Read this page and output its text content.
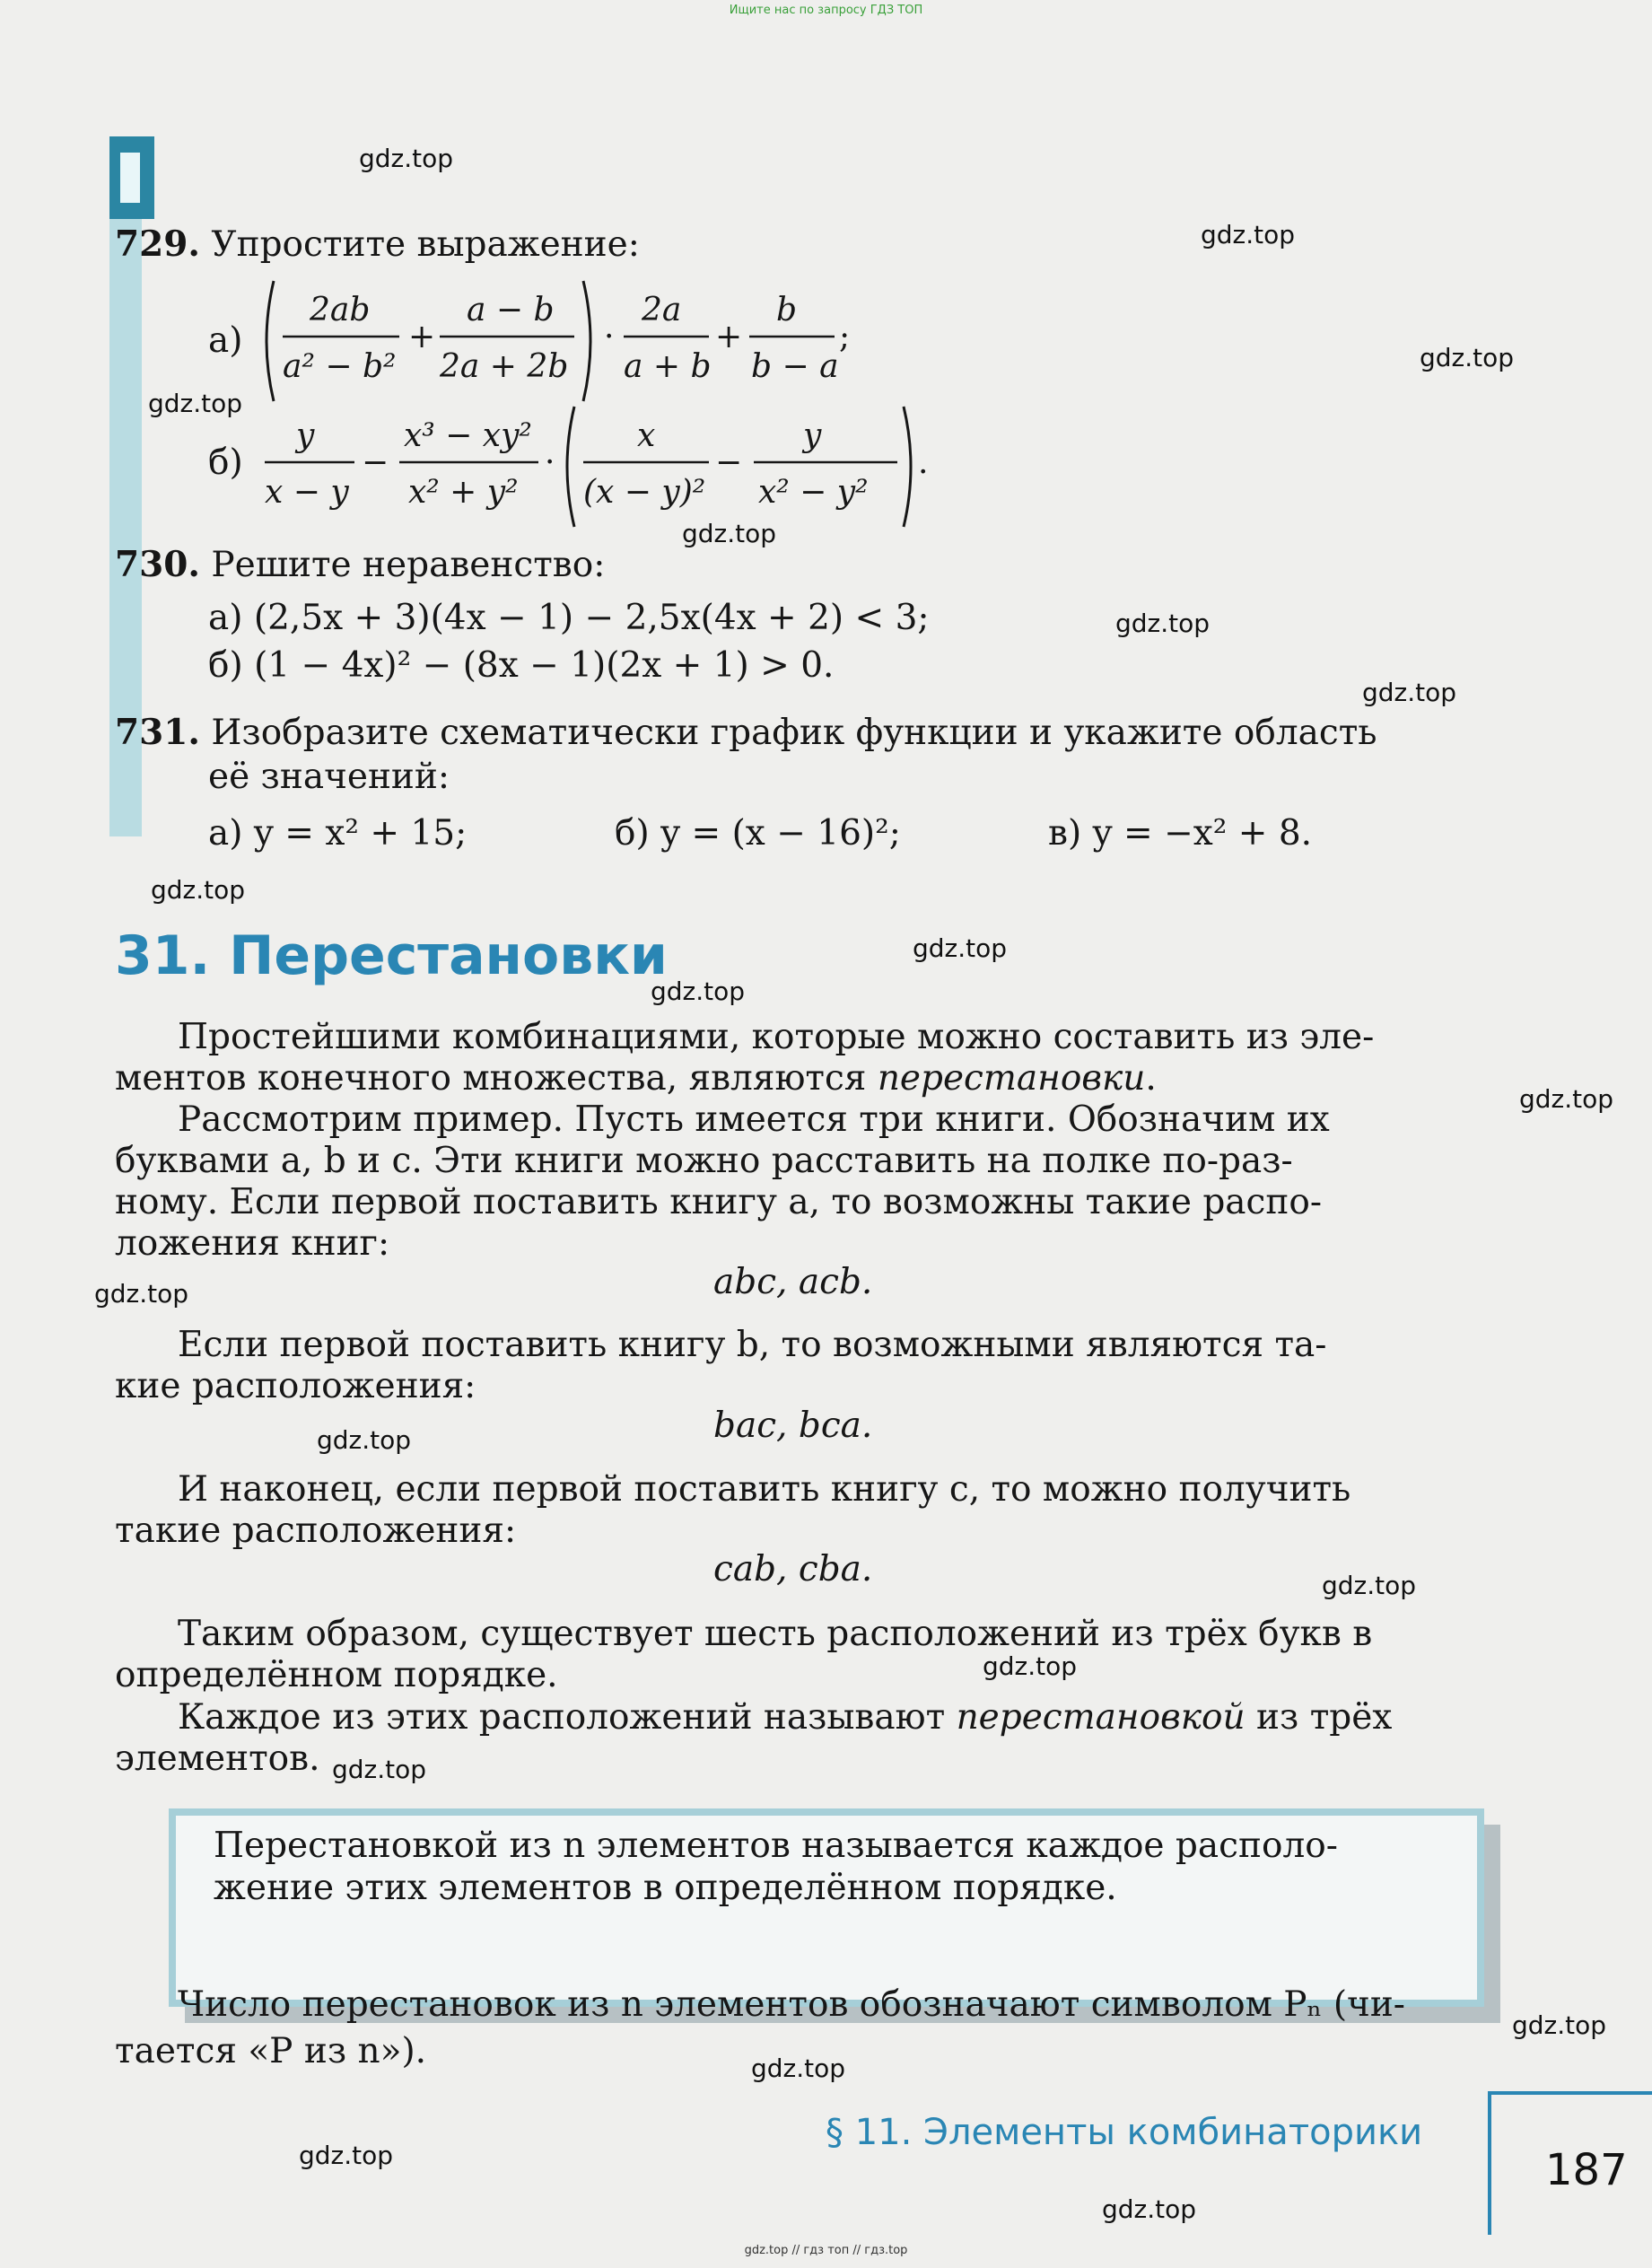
Ищите нас по запросу ГДЗ ТОП
729. Упростите выражение:
а)
2ab
a² − b²
+
a − b
2a + 2b
·
2a
a + b
+
b
b − a
;
б)
y
x − y
−
x³ − xy²
x² + y²
·
x
(x − y)²
−
y
x² − y²
.
730. Решите неравенство:
а) (2,5x + 3)(4x − 1) − 2,5x(4x + 2) < 3;
б) (1 − 4x)² − (8x − 1)(2x + 1) > 0.
731. Изобразите схематически график функции и укажите область
её значений:
а) y = x² + 15;	б) y = (x − 16)²;	в) y = −x² + 8.
31. Перестановки
Простейшими комбинациями, которые можно составить из эле-
ментов конечного множества, являются перестановки.
Рассмотрим пример. Пусть имеется три книги. Обозначим их
буквами a, b и c. Эти книги можно расставить на полке по-раз-
ному. Если первой поставить книгу a, то возможны такие распо-
ложения книг:
abc, acb.
Если первой поставить книгу b, то возможными являются та-
кие расположения:
bac, bca.
И наконец, если первой поставить книгу c, то можно получить
такие расположения:
cab, cba.
Таким образом, существует шесть расположений из трёх букв в
определённом порядке.
Каждое из этих расположений называют перестановкой из трёх
элементов.
Перестановкой из n элементов называется каждое располо-
жение этих элементов в определённом порядке.
Число перестановок из n элементов обозначают символом Pₙ (чи-
тается «P из n»).
§ 11. Элементы комбинаторики
187
gdz.top
gdz.top
gdz.top
gdz.top
gdz.top
gdz.top
gdz.top
gdz.top
gdz.top
gdz.top
gdz.top
gdz.top
gdz.top
gdz.top
gdz.top
gdz.top
gdz.top
gdz.top
gdz.top
gdz.top
gdz.top // гдз топ // гдз.top
